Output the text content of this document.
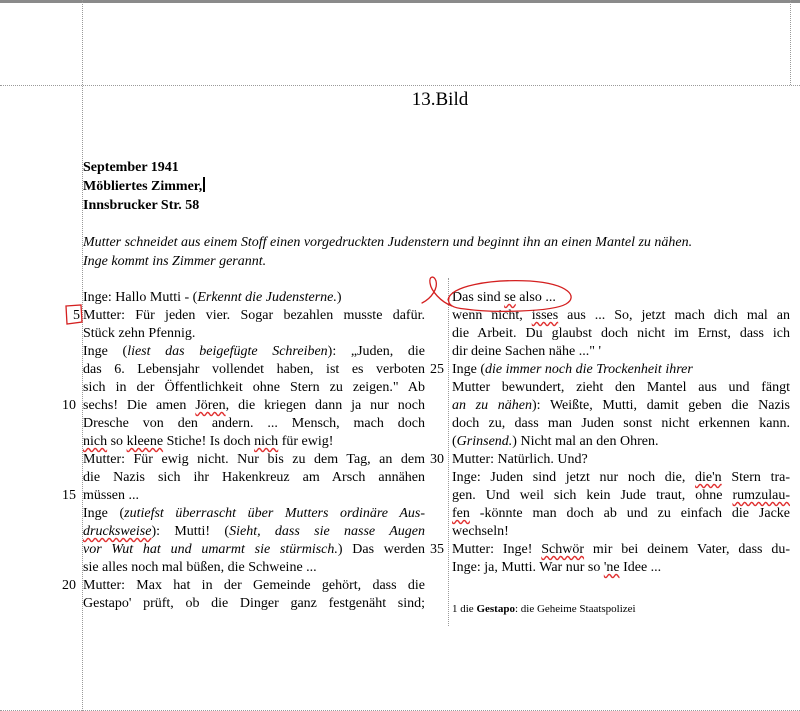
13.Bild
September 1941
Möbliertes Zimmer,
Innsbrucker Str. 58
Mutter schneidet aus einem Stoff einen vorgedruckten Judenstern und beginnt ihn an einen Mantel zu nähen.
Inge kommt ins Zimmer gerannt.
Inge: Hallo Mutti - (Erkennt die Judensterne.)
Mutter: Für jeden vier. Sogar bezahlen musste dafür.
Stück zehn Pfennig.
Inge (liest das beigefügte Schreiben): „Juden, die
das 6. Lebensjahr vollendet haben, ist es verboten
sich in der Öffentlichkeit ohne Stern zu zeigen." Ab
sechs! Die amen Jören, die kriegen dann ja nur noch
Dresche von den andern. ... Mensch, mach doch
nich so kleene Stiche! Is doch nich für ewig!
Mutter: Für ewig nicht. Nur bis zu dem Tag, an dem
die Nazis sich ihr Hakenkreuz am Arsch annähen
müssen ...
Inge (zutiefst überrascht über Mutters ordinäre Aus-
drucksweise): Mutti! (Sieht, dass sie nasse Augen
vor Wut hat und umarmt sie stürmisch.) Das werden
sie alles noch mal büßen, die Schweine ...
Mutter: Max hat in der Gemeinde gehört, dass die
Gestapo' prüft, ob die Dinger ganz festgenäht sind;
5
10
15
20
Das sind se also ...
wenn nicht, isses aus ... So, jetzt mach dich mal an
die Arbeit. Du glaubst doch nicht im Ernst, dass ich
dir deine Sachen nähe ..." '
Inge (die immer noch die Trockenheit ihrer
Mutter bewundert, zieht den Mantel aus und fängt
an zu nähen): Weißte, Mutti, damit geben die Nazis
doch zu, dass man Juden sonst nicht erkennen kann.
(Grinsend.) Nicht mal an den Ohren.
Mutter: Natürlich. Und?
Inge: Juden sind jetzt nur noch die, die'n Stern tra-
gen. Und weil sich kein Jude traut, ohne rumzulau-
fen -könnte man doch ab und zu einfach die Jacke
wechseln!
Mutter: Inge! Schwör mir bei deinem Vater, dass du-
Inge: ja, Mutti. War nur so 'ne Idee ...
25
30
35
1 die Gestapo: die Geheime Staatspolizei
